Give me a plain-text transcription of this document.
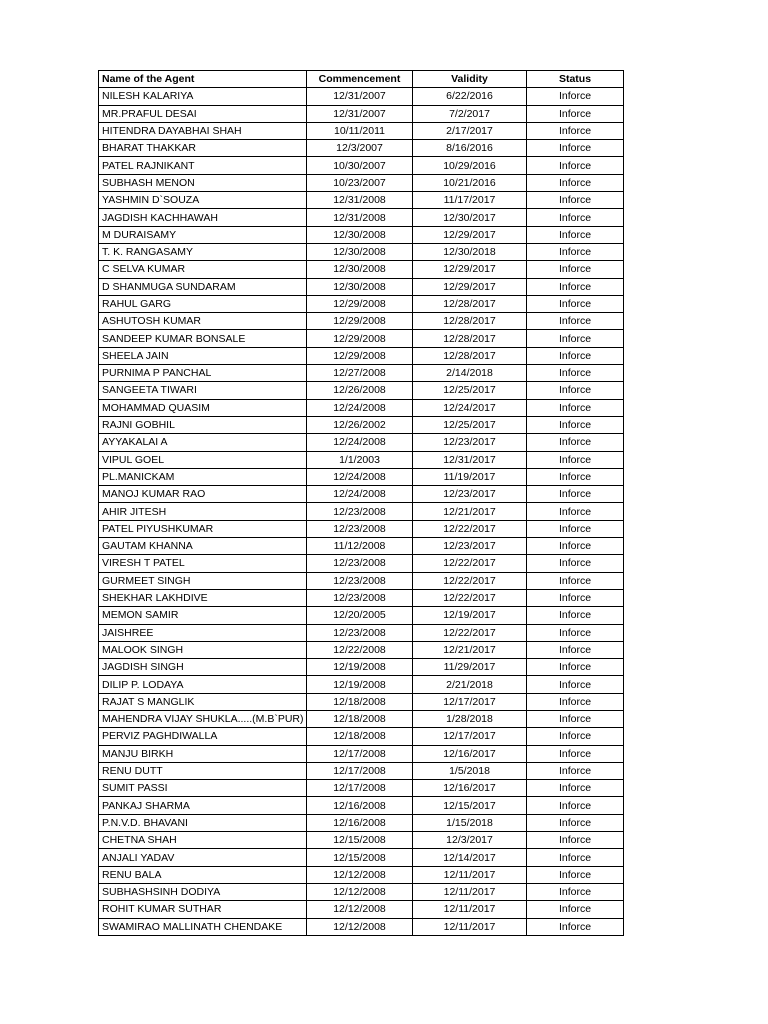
Name of the Agent	Commencement	Validity	Status
NILESH KALARIYA	12/31/2007	6/22/2016	Inforce
MR.PRAFUL DESAI	12/31/2007	7/2/2017	Inforce
HITENDRA DAYABHAI SHAH	10/11/2011	2/17/2017	Inforce
BHARAT THAKKAR	12/3/2007	8/16/2016	Inforce
PATEL RAJNIKANT	10/30/2007	10/29/2016	Inforce
SUBHASH MENON	10/23/2007	10/21/2016	Inforce
YASHMIN D`SOUZA	12/31/2008	11/17/2017	Inforce
JAGDISH KACHHAWAH	12/31/2008	12/30/2017	Inforce
M DURAISAMY	12/30/2008	12/29/2017	Inforce
T. K. RANGASAMY	12/30/2008	12/30/2018	Inforce
C SELVA KUMAR	12/30/2008	12/29/2017	Inforce
D SHANMUGA SUNDARAM	12/30/2008	12/29/2017	Inforce
RAHUL GARG	12/29/2008	12/28/2017	Inforce
ASHUTOSH KUMAR	12/29/2008	12/28/2017	Inforce
SANDEEP KUMAR BONSALE	12/29/2008	12/28/2017	Inforce
SHEELA JAIN	12/29/2008	12/28/2017	Inforce
PURNIMA P PANCHAL	12/27/2008	2/14/2018	Inforce
SANGEETA TIWARI	12/26/2008	12/25/2017	Inforce
MOHAMMAD QUASIM	12/24/2008	12/24/2017	Inforce
RAJNI GOBHIL	12/26/2002	12/25/2017	Inforce
AYYAKALAI A	12/24/2008	12/23/2017	Inforce
VIPUL GOEL	1/1/2003	12/31/2017	Inforce
PL.MANICKAM	12/24/2008	11/19/2017	Inforce
MANOJ KUMAR RAO	12/24/2008	12/23/2017	Inforce
AHIR JITESH	12/23/2008	12/21/2017	Inforce
PATEL PIYUSHKUMAR	12/23/2008	12/22/2017	Inforce
GAUTAM KHANNA	11/12/2008	12/23/2017	Inforce
VIRESH T PATEL	12/23/2008	12/22/2017	Inforce
GURMEET SINGH	12/23/2008	12/22/2017	Inforce
SHEKHAR LAKHDIVE	12/23/2008	12/22/2017	Inforce
MEMON SAMIR	12/20/2005	12/19/2017	Inforce
JAISHREE	12/23/2008	12/22/2017	Inforce
MALOOK SINGH	12/22/2008	12/21/2017	Inforce
JAGDISH SINGH	12/19/2008	11/29/2017	Inforce
DILIP P. LODAYA	12/19/2008	2/21/2018	Inforce
RAJAT S MANGLIK	12/18/2008	12/17/2017	Inforce
MAHENDRA VIJAY SHUKLA.....(M.B`PUR)	12/18/2008	1/28/2018	Inforce
PERVIZ PAGHDIWALLA	12/18/2008	12/17/2017	Inforce
MANJU BIRKH	12/17/2008	12/16/2017	Inforce
RENU DUTT	12/17/2008	1/5/2018	Inforce
SUMIT PASSI	12/17/2008	12/16/2017	Inforce
PANKAJ SHARMA	12/16/2008	12/15/2017	Inforce
P.N.V.D. BHAVANI	12/16/2008	1/15/2018	Inforce
CHETNA SHAH	12/15/2008	12/3/2017	Inforce
ANJALI YADAV	12/15/2008	12/14/2017	Inforce
RENU BALA	12/12/2008	12/11/2017	Inforce
SUBHASHSINH DODIYA	12/12/2008	12/11/2017	Inforce
ROHIT KUMAR SUTHAR	12/12/2008	12/11/2017	Inforce
SWAMIRAO MALLINATH CHENDAKE	12/12/2008	12/11/2017	Inforce
